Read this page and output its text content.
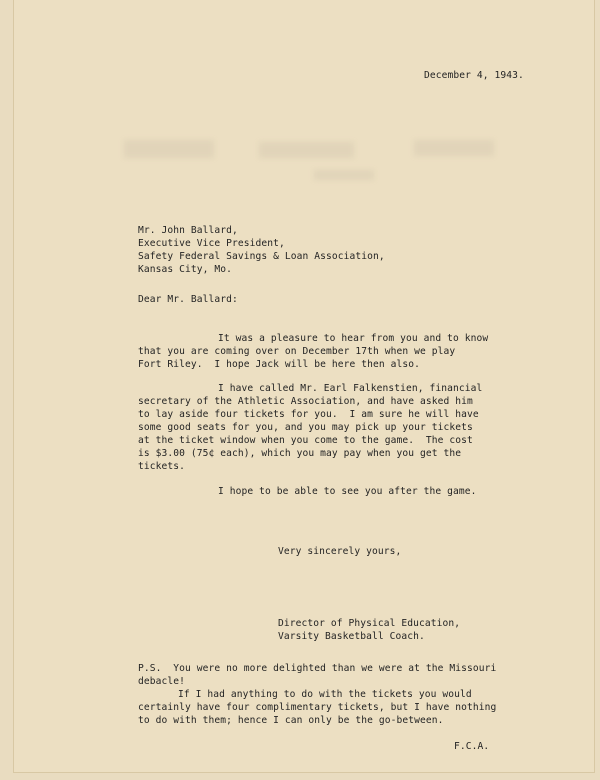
December 4, 1943.

Mr. John Ballard,

Executive Vice President,

Safety Federal Savings & Loan Association,

Kansas City, Mo.

Dear Mr. Ballard:

It was a pleasure to hear from you and to know

that you are coming over on December 17th when we play

Fort Riley.  I hope Jack will be here then also.

I have called Mr. Earl Falkenstien, financial

secretary of the Athletic Association, and have asked him

to lay aside four tickets for you.  I am sure he will have

some good seats for you, and you may pick up your tickets

at the ticket window when you come to the game.  The cost

is $3.00 (75¢ each), which you may pay when you get the

tickets.

I hope to be able to see you after the game.

Very sincerely yours,

Director of Physical Education,

Varsity Basketball Coach.

P.S.  You were no more delighted than we were at the Missouri

debacle!

If I had anything to do with the tickets you would

certainly have four complimentary tickets, but I have nothing

to do with them; hence I can only be the go-between.

F.C.A.
